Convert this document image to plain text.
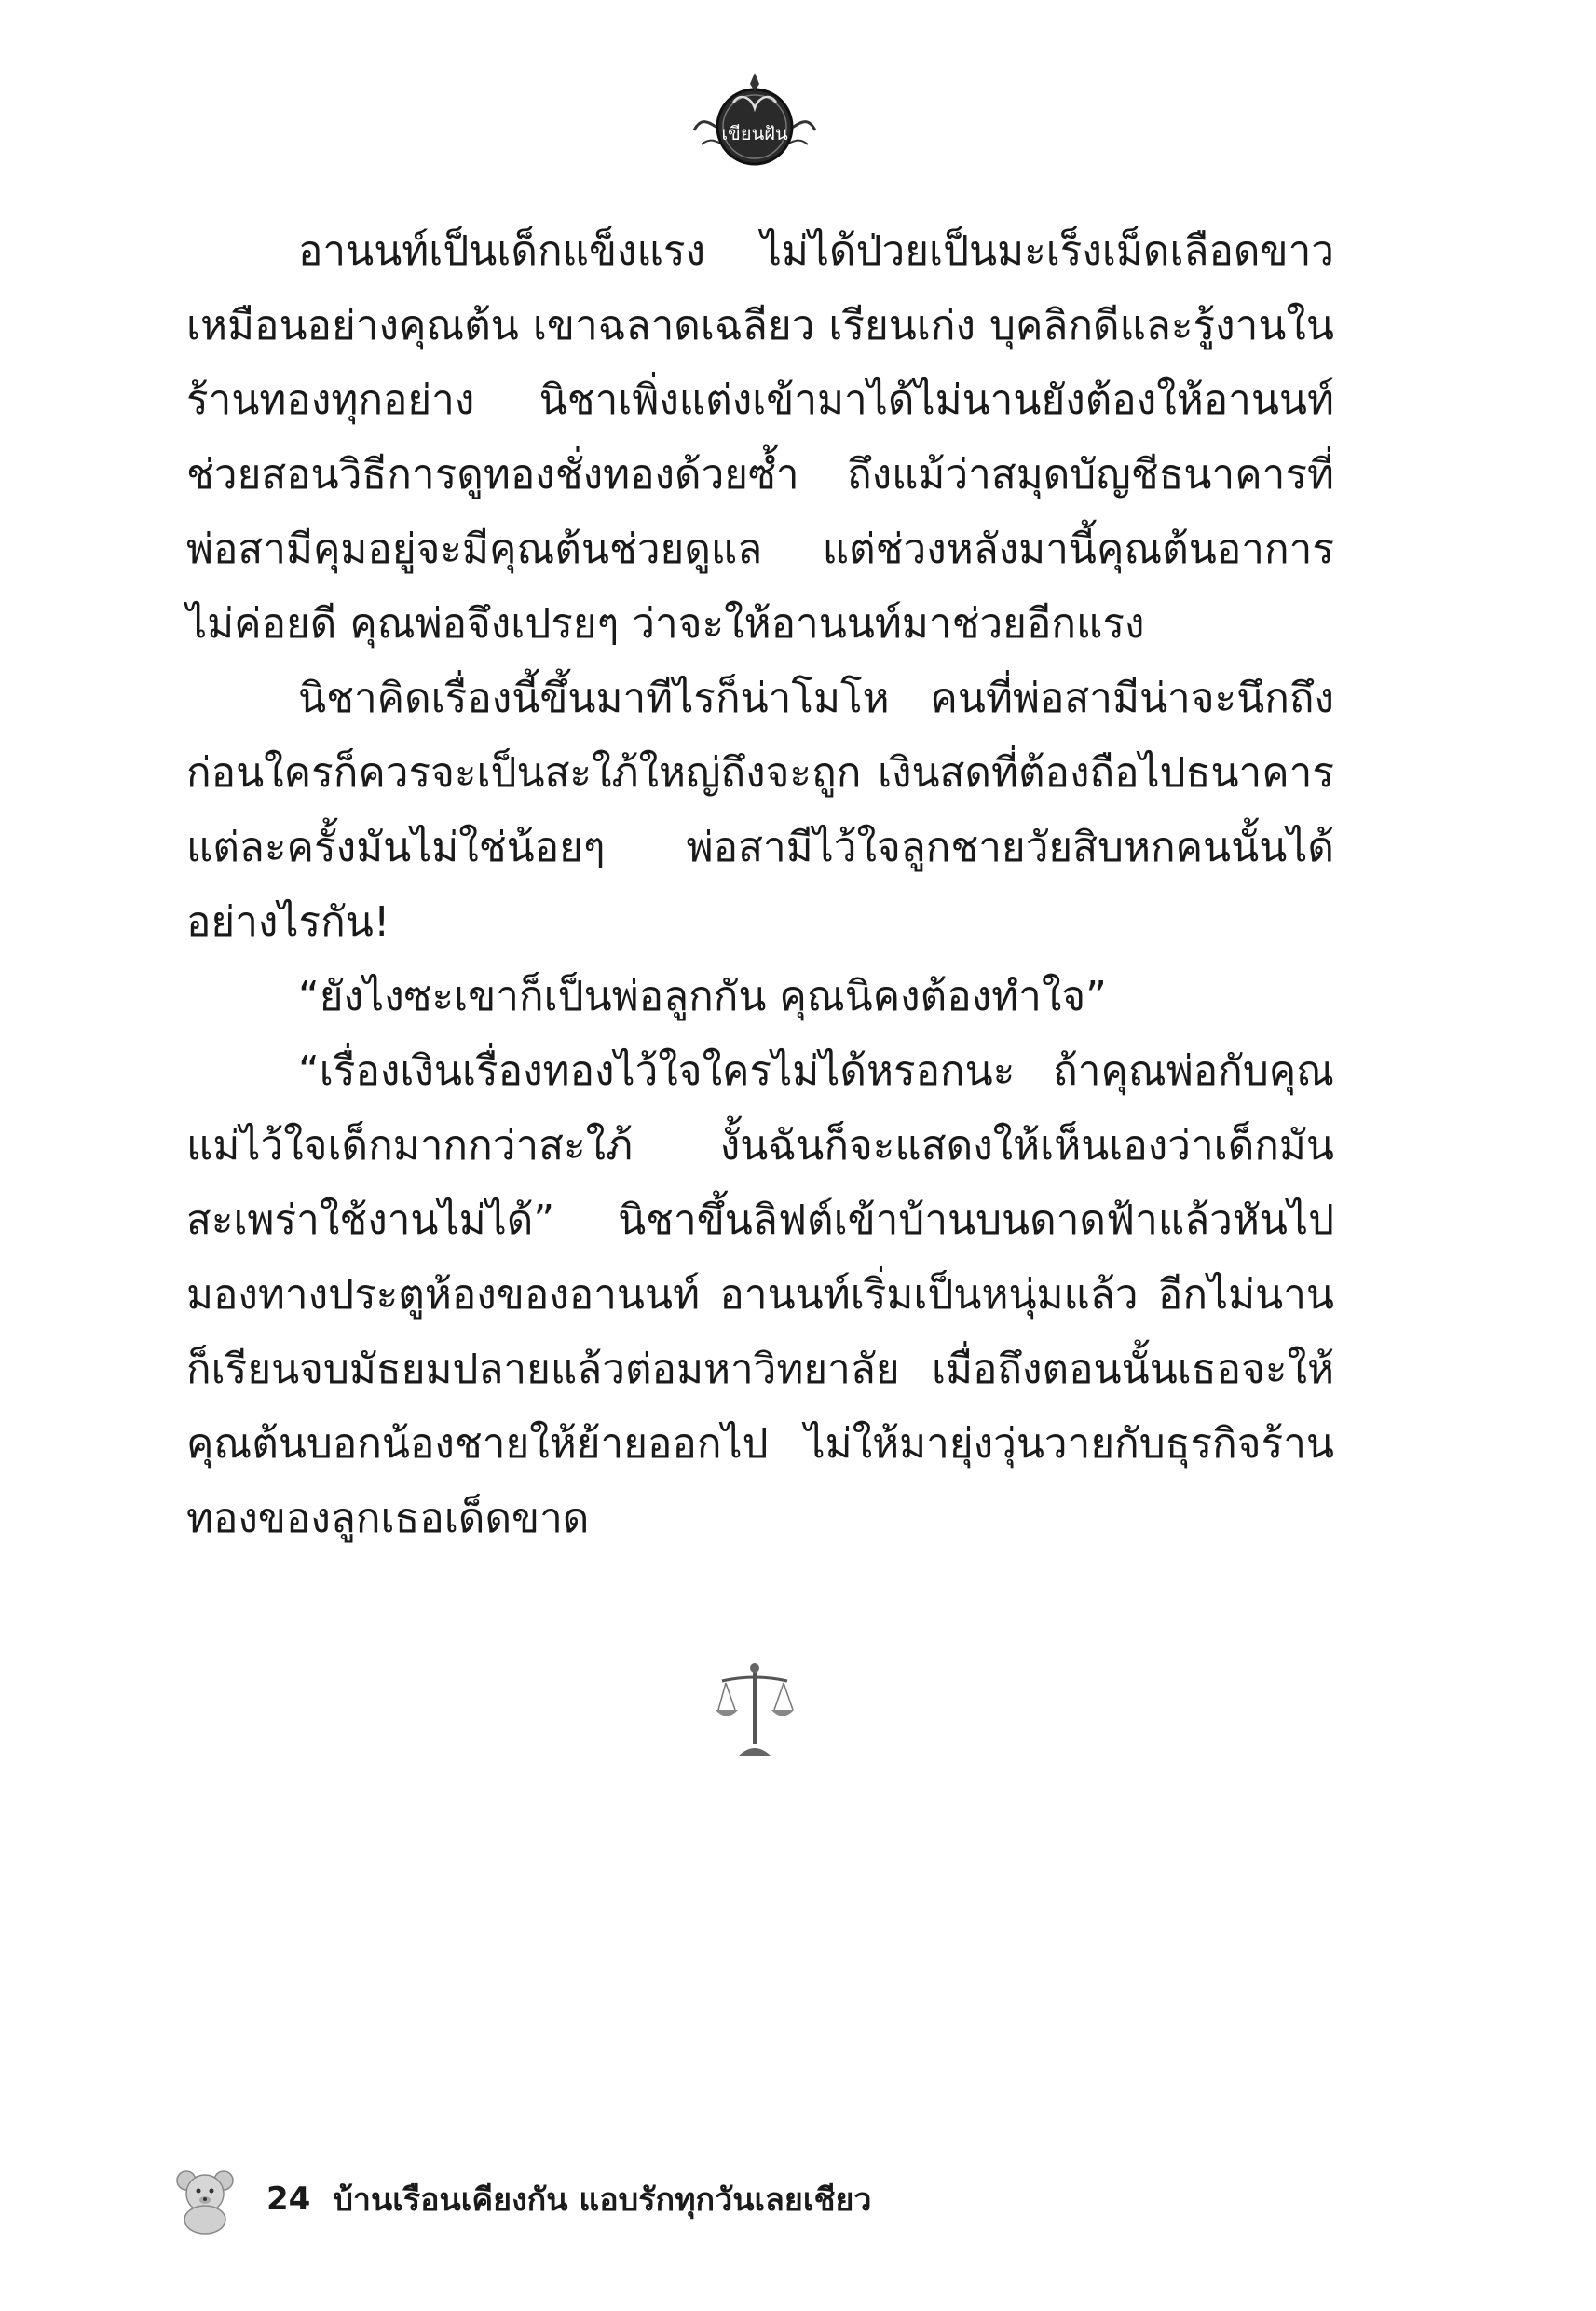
เขียนฝัน

อานนท์เป็นเด็กแข็งแรง ไม่ได้ป่วยเป็นมะเร็งเม็ดเลือดขาวเหมือนอย่างคุณต้น เขาฉลาดเฉลียว เรียนเก่ง บุคลิกดีและรู้งานในร้านทองทุกอย่าง นิชาเพิ่งแต่งเข้ามาได้ไม่นานยังต้องให้อานนท์ช่วยสอนวิธีการดูทองชั่งทองด้วยซ้ำ ถึงแม้ว่าสมุดบัญชีธนาคารที่พ่อสามีคุมอยู่จะมีคุณต้นช่วยดูแล แต่ช่วงหลังมานี้คุณต้นอาการไม่ค่อยดี คุณพ่อจึงเปรยๆ ว่าจะให้อานนท์มาช่วยอีกแรง

นิชาคิดเรื่องนี้ขึ้นมาทีไรก็น่าโมโห คนที่พ่อสามีน่าจะนึกถึงก่อนใครก็ควรจะเป็นสะใภ้ใหญ่ถึงจะถูก เงินสดที่ต้องถือไปธนาคารแต่ละครั้งมันไม่ใช่น้อยๆ พ่อสามีไว้ใจลูกชายวัยสิบหกคนนั้นได้อย่างไรกัน!

“ยังไงซะเขาก็เป็นพ่อลูกกัน คุณนิคงต้องทำใจ”

“เรื่องเงินเรื่องทองไว้ใจใครไม่ได้หรอกนะ ถ้าคุณพ่อกับคุณแม่ไว้ใจเด็กมากกว่าสะใภ้ งั้นฉันก็จะแสดงให้เห็นเองว่าเด็กมันสะเพร่าใช้งานไม่ได้” นิชาขึ้นลิฟต์เข้าบ้านบนดาดฟ้าแล้วหันไปมองทางประตูห้องของอานนท์ อานนท์เริ่มเป็นหนุ่มแล้ว อีกไม่นานก็เรียนจบมัธยมปลายแล้วต่อมหาวิทยาลัย เมื่อถึงตอนนั้นเธอจะให้คุณต้นบอกน้องชายให้ย้ายออกไป ไม่ให้มายุ่งวุ่นวายกับธุรกิจร้านทองของลูกเธอเด็ดขาด

24 บ้านเรือนเคียงกัน แอบรักทุกวันเลยเชียว
